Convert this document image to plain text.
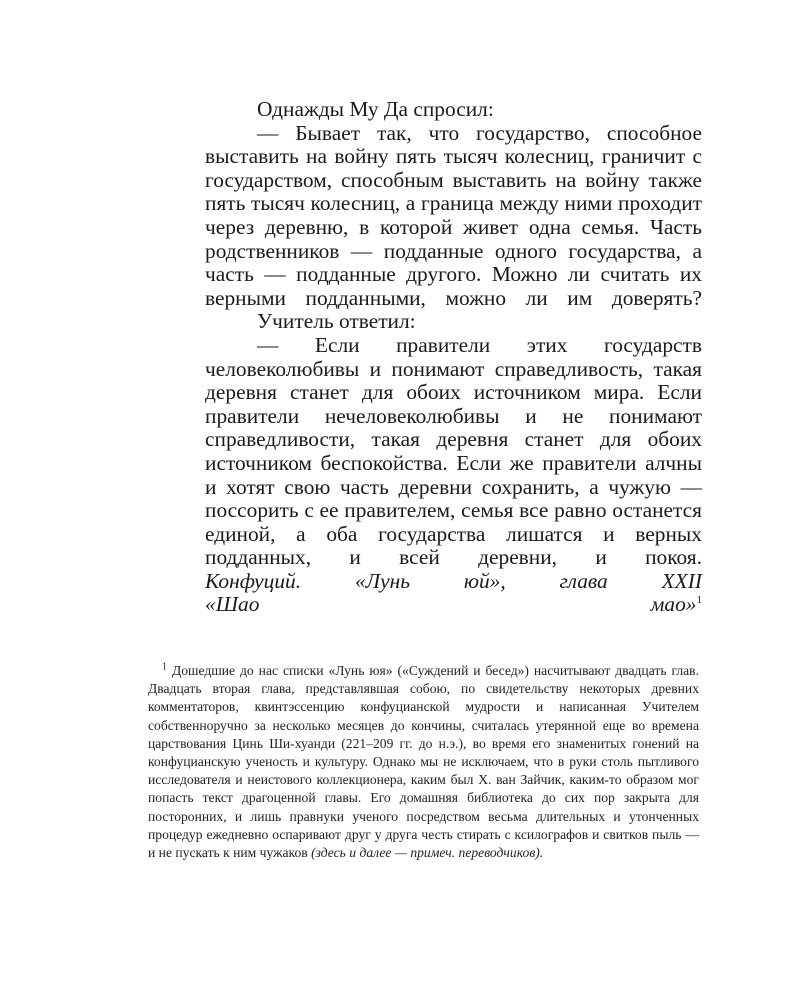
Однажды Му Да спросил:

— Бывает так, что государство, способное выставить на войну пять тысяч колесниц, граничит с государством, способным выставить на войну также пять тысяч колесниц, а граница между ними проходит через деревню, в которой живет одна семья. Часть родственников — подданные одного государства, а часть — подданные другого. Можно ли считать их верными подданными, можно ли им доверять?

Учитель ответил:

— Если правители этих государств человеколюбивы и понимают справедливость, такая деревня станет для обоих источником мира. Если правители нечеловеколюбивы и не понимают справедливости, такая деревня станет для обоих источником беспокойства. Если же правители алчны и хотят свою часть деревни сохранить, а чужую — поссорить с ее правителем, семья все равно останется единой, а оба государства лишатся и верных подданных, и всей деревни, и покоя.

Конфуций. «Лунь юй», глава XXII

«Шао мао»$^1$

$^1$ Дошедшие до нас списки «Лунь юя» («Суждений и бесед») насчитывают двадцать глав. Двадцать вторая глава, представлявшая собою, по свидетельству некоторых древних комментаторов, квинтэссенцию конфуцианской мудрости и написанная Учителем собственноручно за несколько месяцев до кончины, считалась утерянной еще во времена царствования Цинь Ши-хуанди (221–209 гг. до н.э.), во время его знаменитых гонений на конфуцианскую ученость и культуру. Однако мы не исключаем, что в руки столь пытливого исследователя и неистового коллекционера, каким был Х. ван Зайчик, каким-то образом мог попасть текст драгоценной главы. Его домашняя библиотека до сих пор закрыта для посторонних, и лишь правнуки ученого посредством весьма длительных и утонченных процедур ежедневно оспаривают друг у друга честь стирать с ксилографов и свитков пыль — и не пускать к ним чужаков (здесь и далее — примеч. переводчиков).
